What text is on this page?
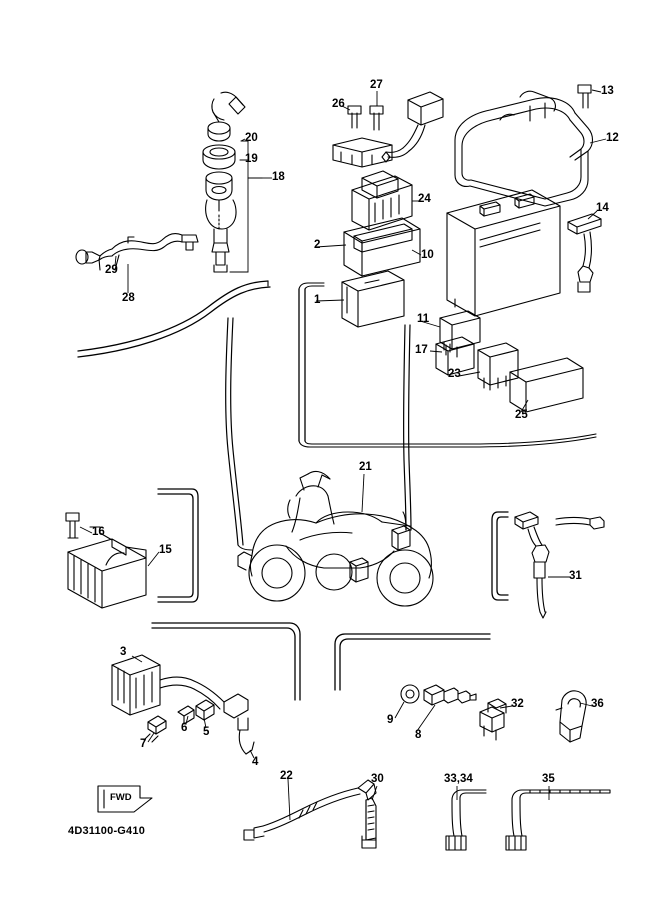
1
2
3
4
5
6
7
8
9
10
11
12
13
14
15
16
17
18
19
20
21
22
23
24
25
26
27
28
29
30
31
32
33,34	35
36
FWD
4D31100-G410
